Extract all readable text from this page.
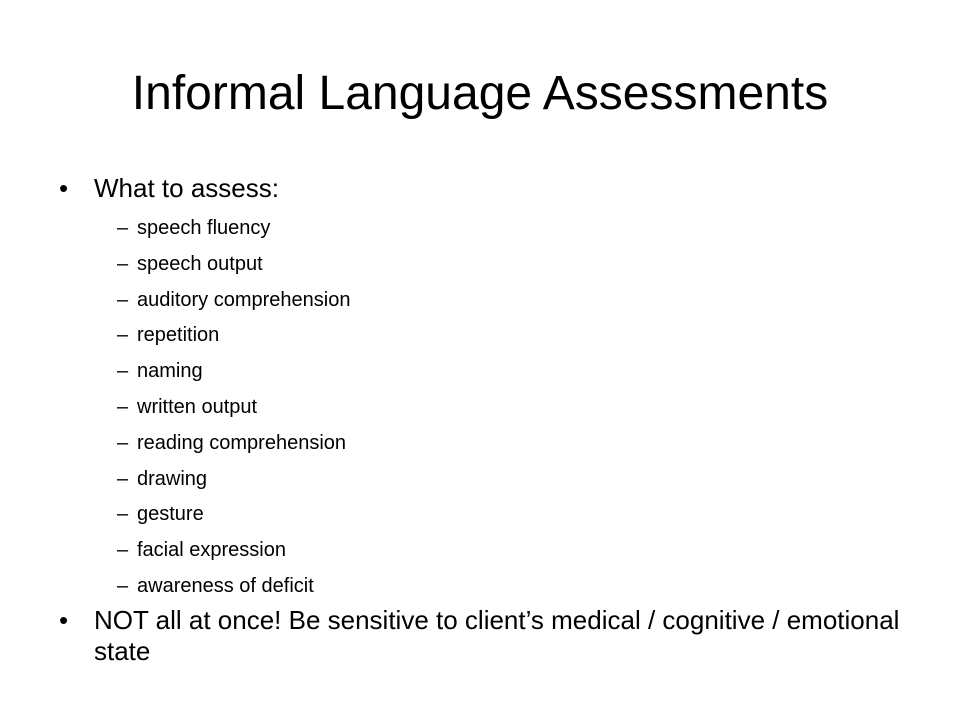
Informal Language Assessments
• What to assess:
– speech fluency
– speech output
– auditory comprehension
– repetition
– naming
– written output
– reading comprehension
– drawing
– gesture
– facial expression
– awareness of deficit
• NOT all at once! Be sensitive to client’s medical / cognitive / emotional state
